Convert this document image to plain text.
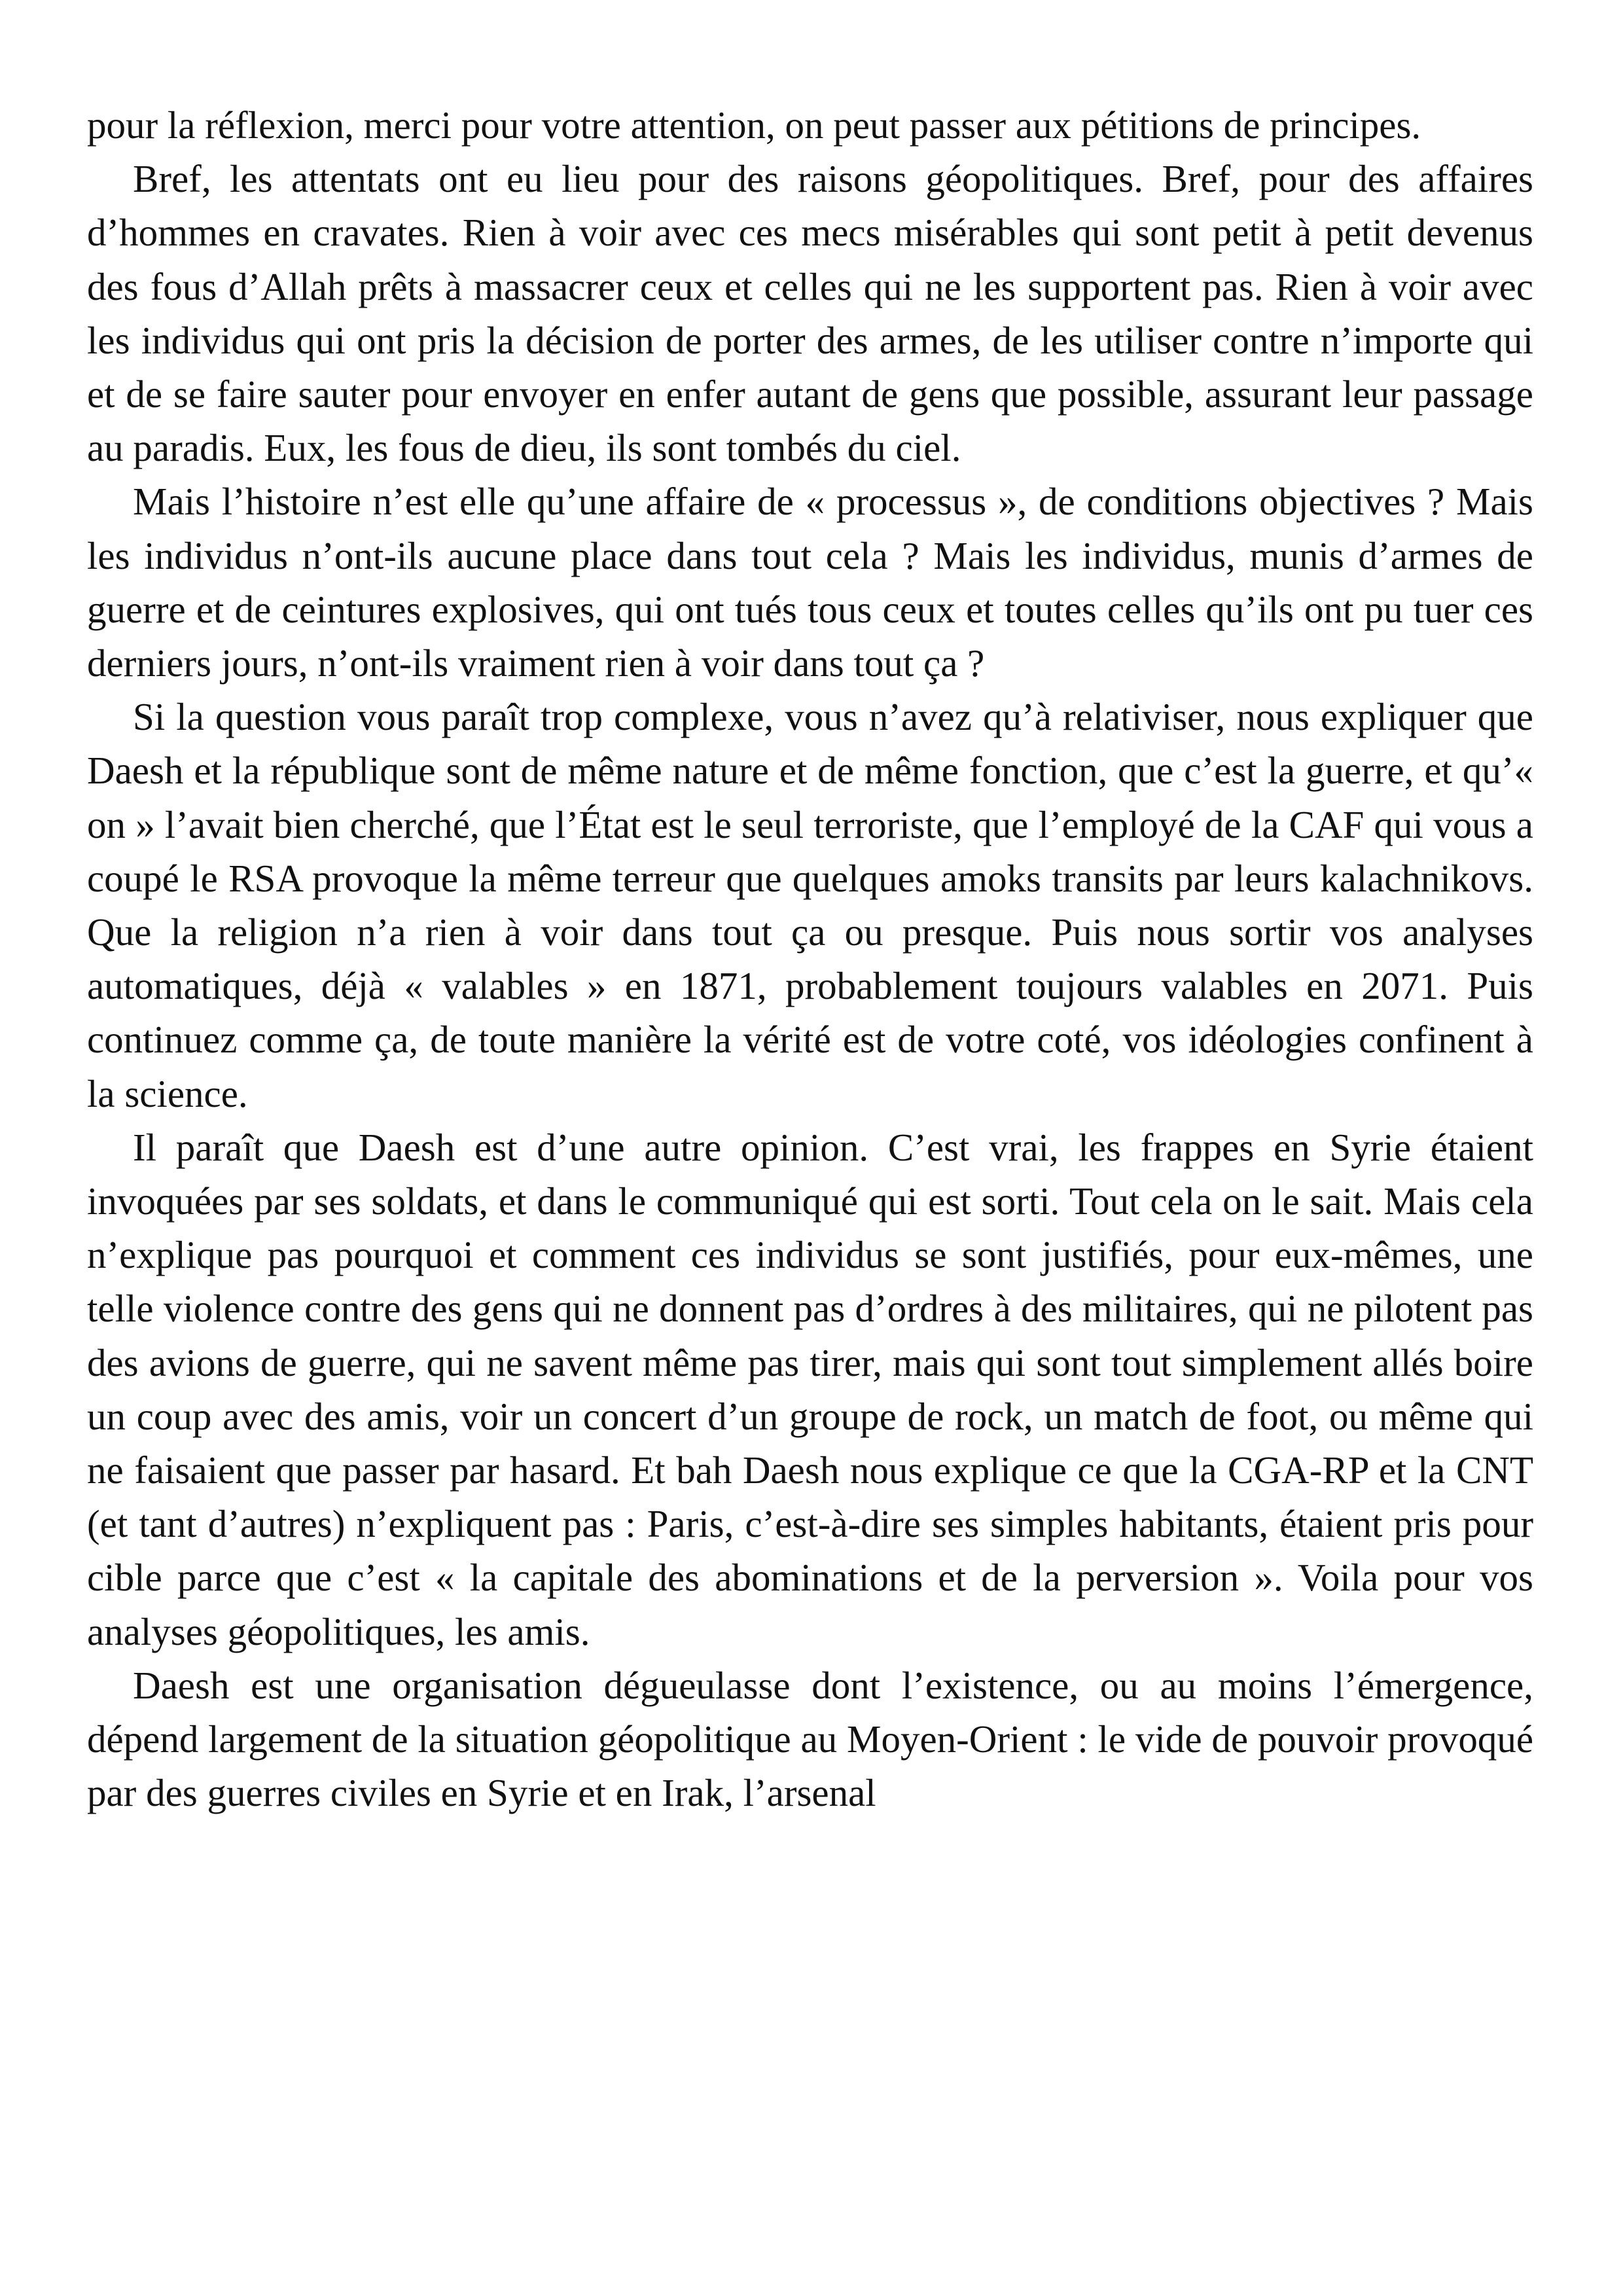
pour la réflexion, merci pour votre attention, on peut passer aux pétitions de principes.

Bref, les attentats ont eu lieu pour des raisons géopolitiques. Bref, pour des affaires d’hommes en cravates. Rien à voir avec ces mecs misérables qui sont petit à petit devenus des fous d’Allah prêts à massacrer ceux et celles qui ne les supportent pas. Rien à voir avec les individus qui ont pris la décision de porter des armes, de les utiliser contre n’importe qui et de se faire sauter pour envoyer en enfer autant de gens que possible, assurant leur passage au paradis. Eux, les fous de dieu, ils sont tombés du ciel.

Mais l’histoire n’est elle qu’une affaire de « processus », de conditions objectives ? Mais les individus n’ont-ils aucune place dans tout cela ? Mais les individus, munis d’armes de guerre et de ceintures explosives, qui ont tués tous ceux et toutes celles qu’ils ont pu tuer ces derniers jours, n’ont-ils vraiment rien à voir dans tout ça ?

Si la question vous paraît trop complexe, vous n’avez qu’à relativiser, nous expliquer que Daesh et la république sont de même nature et de même fonction, que c’est la guerre, et qu’« on » l’avait bien cherché, que l’État est le seul terroriste, que l’employé de la CAF qui vous a coupé le RSA provoque la même terreur que quelques amoks transits par leurs kalachnikovs. Que la religion n’a rien à voir dans tout ça ou presque. Puis nous sortir vos analyses automatiques, déjà « valables » en 1871, probablement toujours valables en 2071. Puis continuez comme ça, de toute manière la vérité est de votre coté, vos idéologies confinent à la science.

Il paraît que Daesh est d’une autre opinion. C’est vrai, les frappes en Syrie étaient invoquées par ses soldats, et dans le communiqué qui est sorti. Tout cela on le sait. Mais cela n’explique pas pourquoi et comment ces individus se sont justifiés, pour eux-mêmes, une telle violence contre des gens qui ne donnent pas d’ordres à des militaires, qui ne pilotent pas des avions de guerre, qui ne savent même pas tirer, mais qui sont tout simplement allés boire un coup avec des amis, voir un concert d’un groupe de rock, un match de foot, ou même qui ne faisaient que passer par hasard. Et bah Daesh nous explique ce que la CGA-RP et la CNT (et tant d’autres) n’expliquent pas : Paris, c’est-à-dire ses simples habitants, étaient pris pour cible parce que c’est « la capitale des abominations et de la perversion ». Voila pour vos analyses géopolitiques, les amis.

Daesh est une organisation dégueulasse dont l’existence, ou au moins l’émergence, dépend largement de la situation géopolitique au Moyen-Orient : le vide de pouvoir provoqué par des guerres civiles en Syrie et en Irak, l’arsenal
